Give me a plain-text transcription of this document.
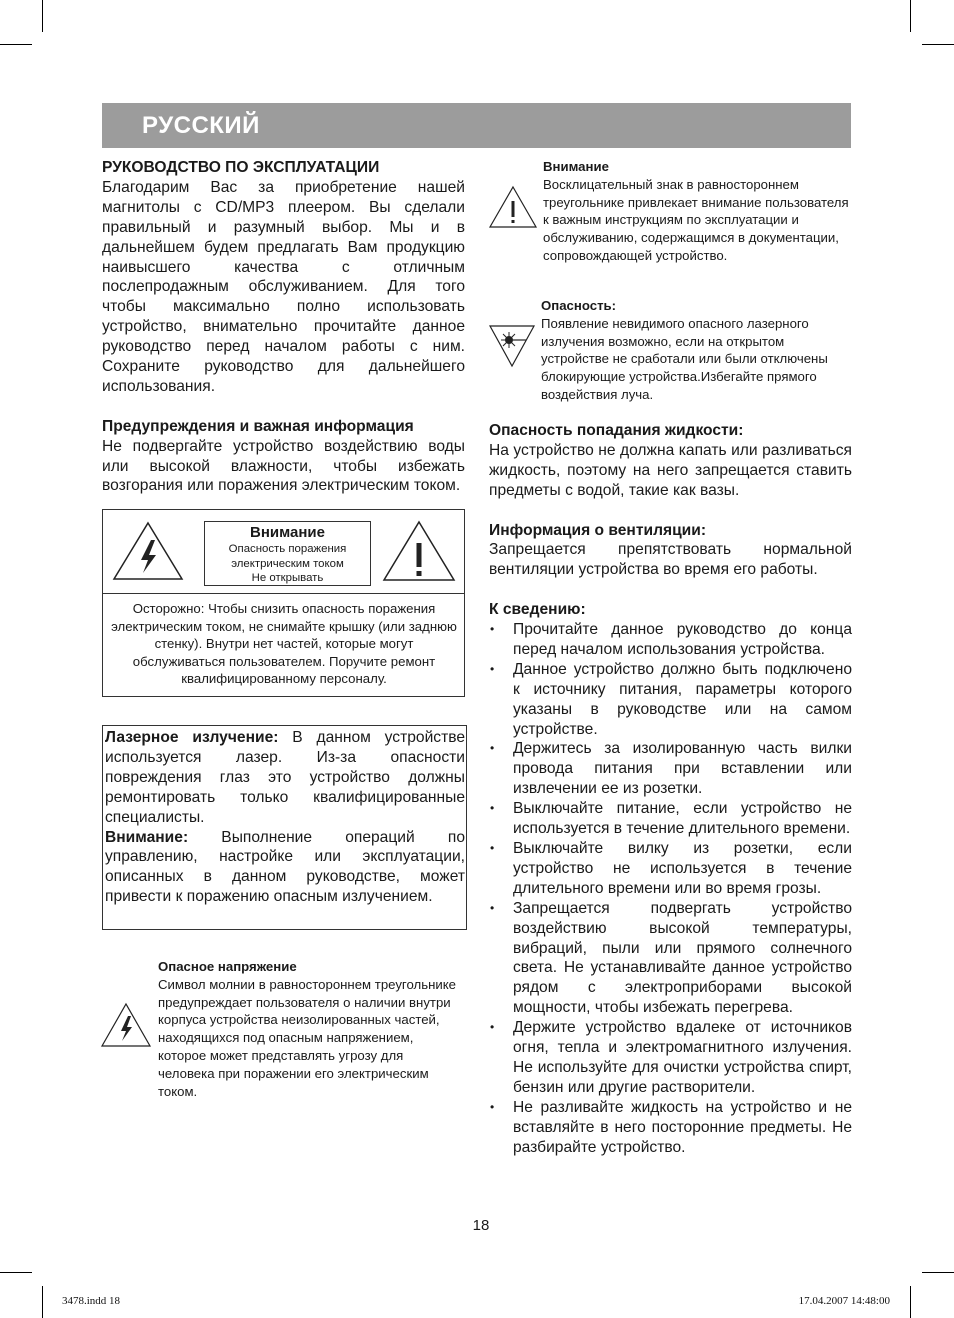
РУССКИЙ
РУКОВОДСТВО ПО ЭКСПЛУАТАЦИИ

Благодарим Вас за приобретение нашей магнитолы с CD/MP3 плеером. Вы сделали правильный и разумный выбор. Мы и в дальнейшем будем предлагать Вам продукцию наивысшего качества с отличным послепродажным обслуживанием. Для того чтобы максимально полно использовать устройство, внимательно прочитайте данное руководство перед началом работы с ним. Сохраните руководство для дальнейшего использования.

Предупреждения и важная информация

Не подвергайте устройство воздействию воды или высокой влажности, чтобы избежать возгорания или поражения электрическим током.

Внимание
Опасность поражения
электрическим током
Не открывать
Осторожно: Чтобы снизить опасность поражения электрическим током, не снимайте крышку (или заднюю стенку). Внутри нет частей, которые могут обслуживаться пользователем. Поручите ремонт квалифицированному персоналу.

Лазерное излучение: В данном устройстве используется лазер. Из-за опасности повреждения глаз это устройство должны ремонтировать только квалифицированные специалисты.
Внимание: Выполнение операций по управлению, настройке или эксплуатации, описанных в данном руководстве, может привести к поражению опасным излучением.

Опасное напряжение
Символ молнии в равностороннем треугольнике предупреждает пользователя о наличии внутри корпуса устройства неизолированных частей, находящихся под опасным напряжением, которое может представлять угрозу для человека при поражении его электрическим током.
Внимание
Восклицательный знак в равностороннем треугольнике привлекает внимание пользователя к важным инструкциям по эксплуатации и обслуживанию, содержащимся в документации, сопровождающей устройство.
Опасность:
Появление невидимого опасного лазерного излучения возможно, если на открытом устройстве не сработали или были отключены блокирующие устройства.Избегайте прямого воздействия луча.
Опасность попадания жидкости:

На устройство не должна капать или разливаться жидкость, поэтому на него запрещается ставить предметы с водой, такие как вазы.

Информация о вентиляции:

Запрещается препятствовать нормальной вентиляции устройства во время его работы.

К сведению:
• Прочитайте данное руководство до конца перед началом использования устройства.
• Данное устройство должно быть подключено к источнику питания, параметры которого указаны в руководстве или на самом устройстве.
• Держитесь за изолированную часть вилки провода питания при вставлении или извлечении ее из розетки.
• Выключайте питание, если устройство не используется в течение длительного времени.
• Выключайте вилку из розетки, если устройство не используется в течение длительного времени или во время грозы.
• Запрещается подвергать устройство воздействию высокой температуры, вибраций, пыли или прямого солнечного света. Не устанавливайте данное устройство рядом с электроприборами высокой мощности, чтобы избежать перегрева.
• Держите устройство вдалеке от источников огня, тепла и электромагнитного излучения. Не используйте для очистки устройства спирт, бензин или другие растворители.
• Не разливайте жидкость на устройство и не вставляйте в него посторонние предметы. Не разбирайте устройство.
18
3478.indd 18	17.04.2007 14:48:00
